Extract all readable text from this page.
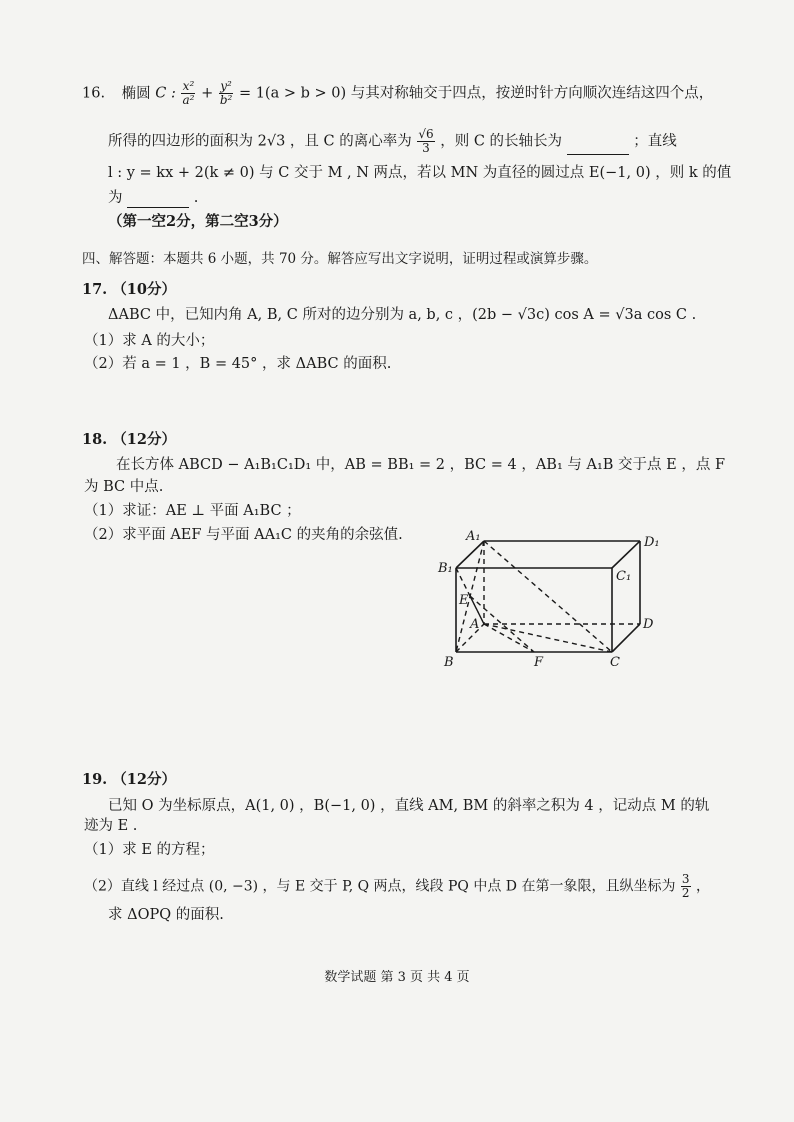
16. 椭圆 C : $\frac{\text{x²}}{\text{a²}} + \frac{\text{y²}}{\text{b²}} = 1(a > b > 0)$ 与其对称轴交于四点，按逆时针方向顺次连结这四个点，
所得的四边形的面积为 2√3 ，且 C 的离心率为 $\frac{√6}{3}$ ，则 C 的长轴长为	；直线
l : y = kx + 2(k ≠ 0) 与 C 交于 M , N 两点，若以 MN 为直径的圆过点 E(−1, 0) ，则 k 的值
为	.
（第一空2分，第二空3分）
四、解答题：本题共 6 小题，共 70 分。解答应写出文字说明，证明过程或演算步骤。
17. （10分）
ΔABC 中，已知内角 A, B, C 所对的边分别为 a, b, c ，(2b − √3c) cos A = √3a cos C .
（1）求 A 的大小；
（2）若 a = 1 ，B = 45° ，求 ΔABC 的面积.
18. （12分）
在长方体 ABCD − A₁B₁C₁D₁ 中，AB = BB₁ = 2 ，BC = 4 ，AB₁ 与 A₁B 交于点 E ，点 F
为 BC 中点.
（1）求证：AE ⊥ 平面 A₁BC ；
（2）求平面 AEF 与平面 AA₁C 的夹角的余弦值.	A₁	D₁
B₁
C₁
E
A	D
B	F	C
19. （12分）
已知 O 为坐标原点，A(1, 0) ，B(−1, 0) ，直线 AM, BM 的斜率之积为 4 ，记动点 M 的轨
迹为 E .
（1）求 E 的方程；
（2）直线 l 经过点 (0, −3) ，与 E 交于 P, Q 两点，线段 PQ 中点 D 在第一象限，且纵坐标为 $\frac{3}{2}$ ，
求 ΔOPQ 的面积.
数学试题 第 3 页 共 4 页
